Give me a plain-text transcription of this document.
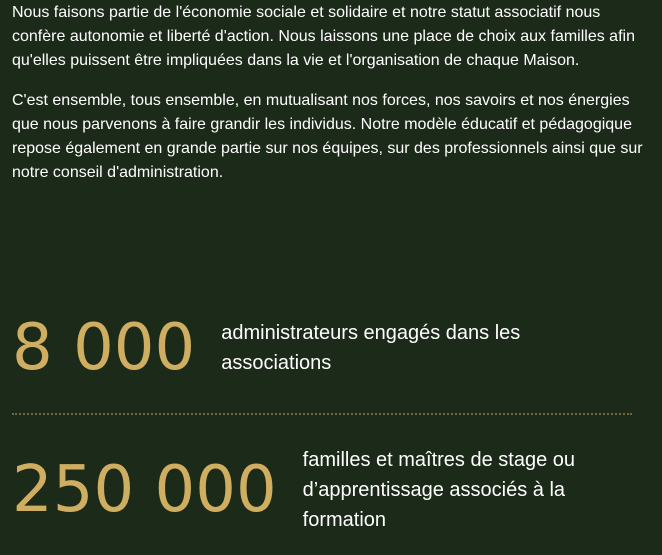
Nous faisons partie de l'économie sociale et solidaire et notre statut associatif nous confère autonomie et liberté d'action. Nous laissons une place de choix aux familles afin qu'elles puissent être impliquées dans la vie et l'organisation de chaque Maison.

C'est ensemble, tous ensemble, en mutualisant nos forces, nos savoirs et nos énergies que nous parvenons à faire grandir les individus. Notre modèle éducatif et pédagogique repose également en grande partie sur nos équipes, sur des professionnels ainsi que sur notre conseil d'administration.

8 000 administrateurs engagés dans les associations
250 000 familles et maîtres de stage ou d’apprentissage associés à la formation
